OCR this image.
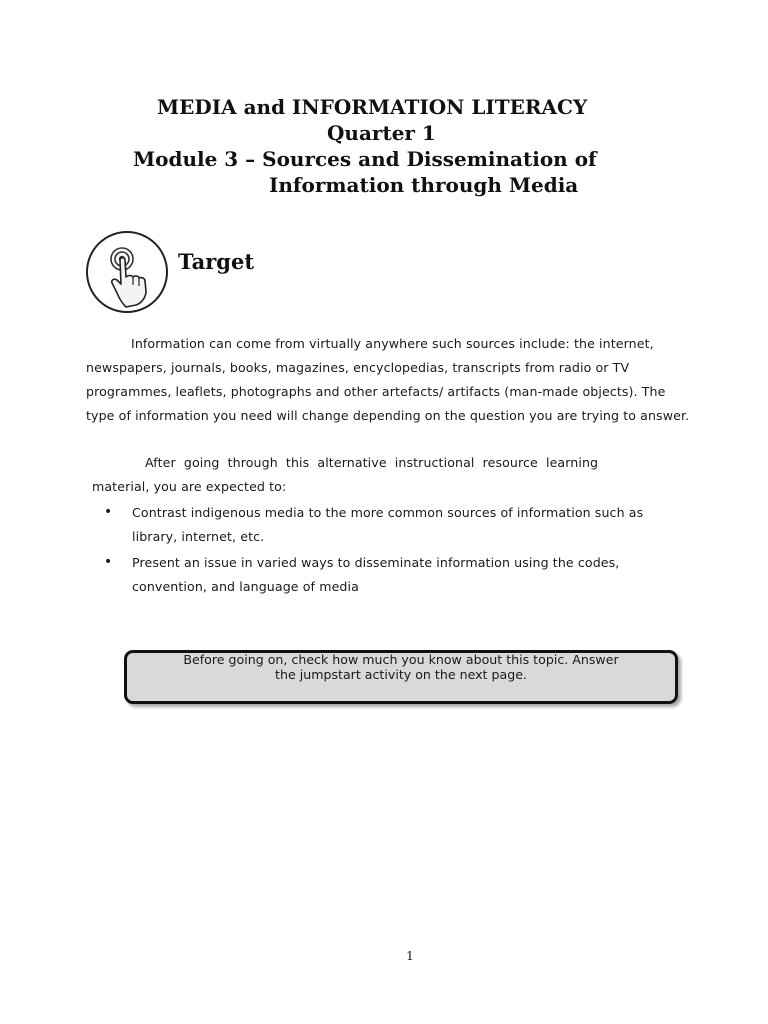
MEDIA and INFORMATION LITERACY
Quarter 1
Module 3 – Sources and Dissemination of
Information through Media
Target
Information can come from virtually anywhere such sources include: the internet,
newspapers, journals, books, magazines, encyclopedias, transcripts from radio or TV
programmes, leaflets, photographs and other artefacts/ artifacts (man-made objects). The
type of information you need will change depending on the question you are trying to answer.
After going through this alternative instructional resource learning
material, you are expected to:
• Contrast indigenous media to the more common sources of information such as
library, internet, etc.
• Present an issue in varied ways to disseminate information using the codes,
convention, and language of media
Before going on, check how much you know about this topic. Answer
the jumpstart activity on the next page.
1
